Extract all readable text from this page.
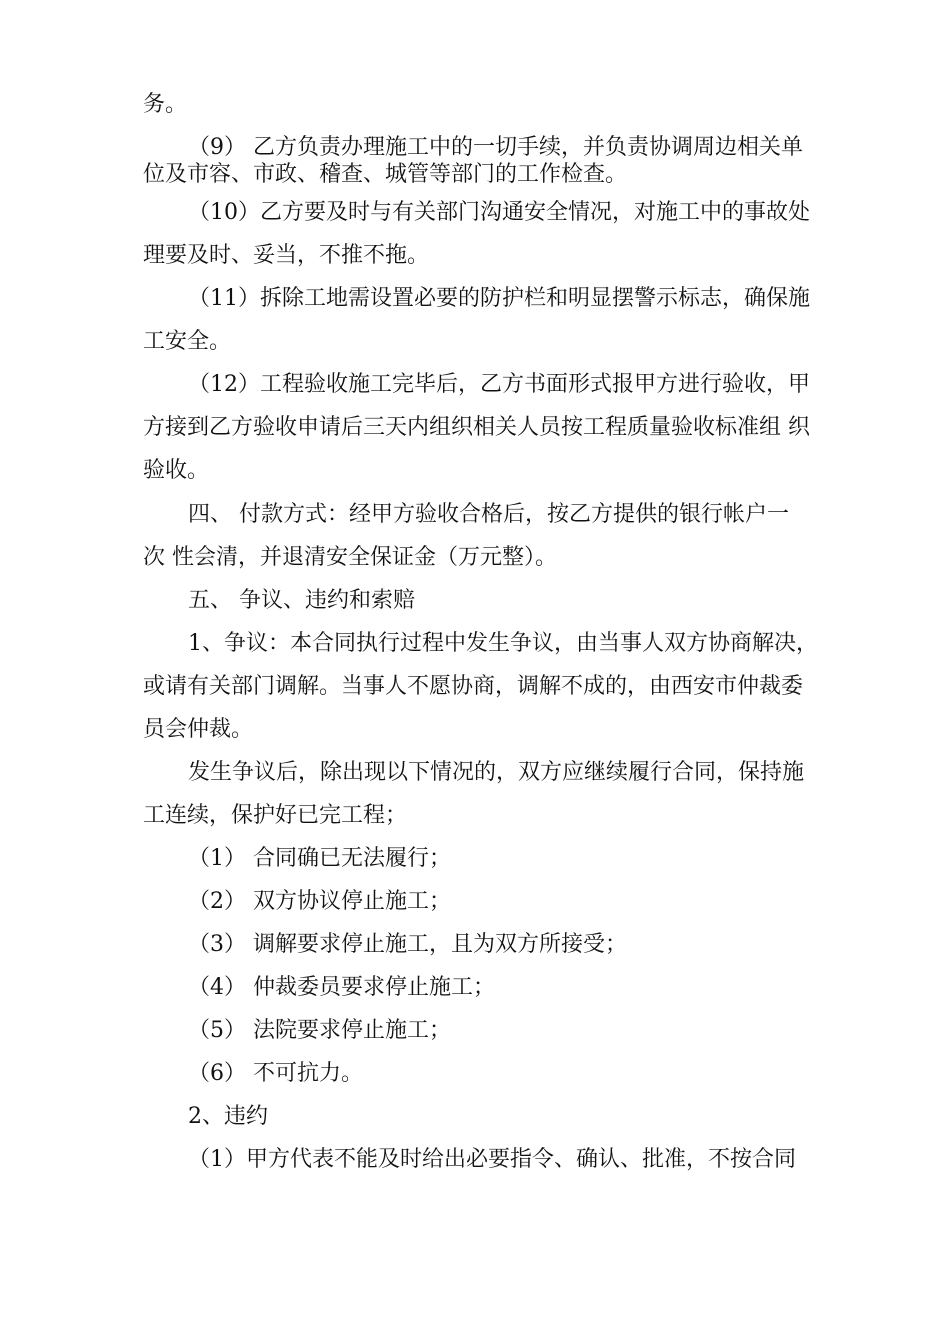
务。
（9） 乙方负责办理施工中的一切手续，并负责协调周边相关单
位及市容、市政、稽查、城管等部门的工作检查。
（10）乙方要及时与有关部门沟通安全情况，对施工中的事故处
理要及时、妥当，不推不拖。
（11）拆除工地需设置必要的防护栏和明显摆警示标志，确保施
工安全。
（12）工程验收施工完毕后，乙方书面形式报甲方进行验收，甲
方接到乙方验收申请后三天内组织相关人员按工程质量验收标准组 织
验收。
四、 付款方式：经甲方验收合格后，按乙方提供的银行帐户一
次 性会清，并退清安全保证金（万元整）。
五、 争议、违约和索赔
1、争议：本合同执行过程中发生争议，由当事人双方协商解决，
或请有关部门调解。当事人不愿协商，调解不成的，由西安市仲裁委
员会仲裁。
发生争议后，除出现以下情况的，双方应继续履行合同，保持施
工连续，保护好已完工程；
（1） 合同确已无法履行；
（2） 双方协议停止施工；
（3） 调解要求停止施工，且为双方所接受；
（4） 仲裁委员要求停止施工；
（5） 法院要求停止施工；
（6） 不可抗力。
2、违约
（1）甲方代表不能及时给出必要指令、确认、批准，不按合同
